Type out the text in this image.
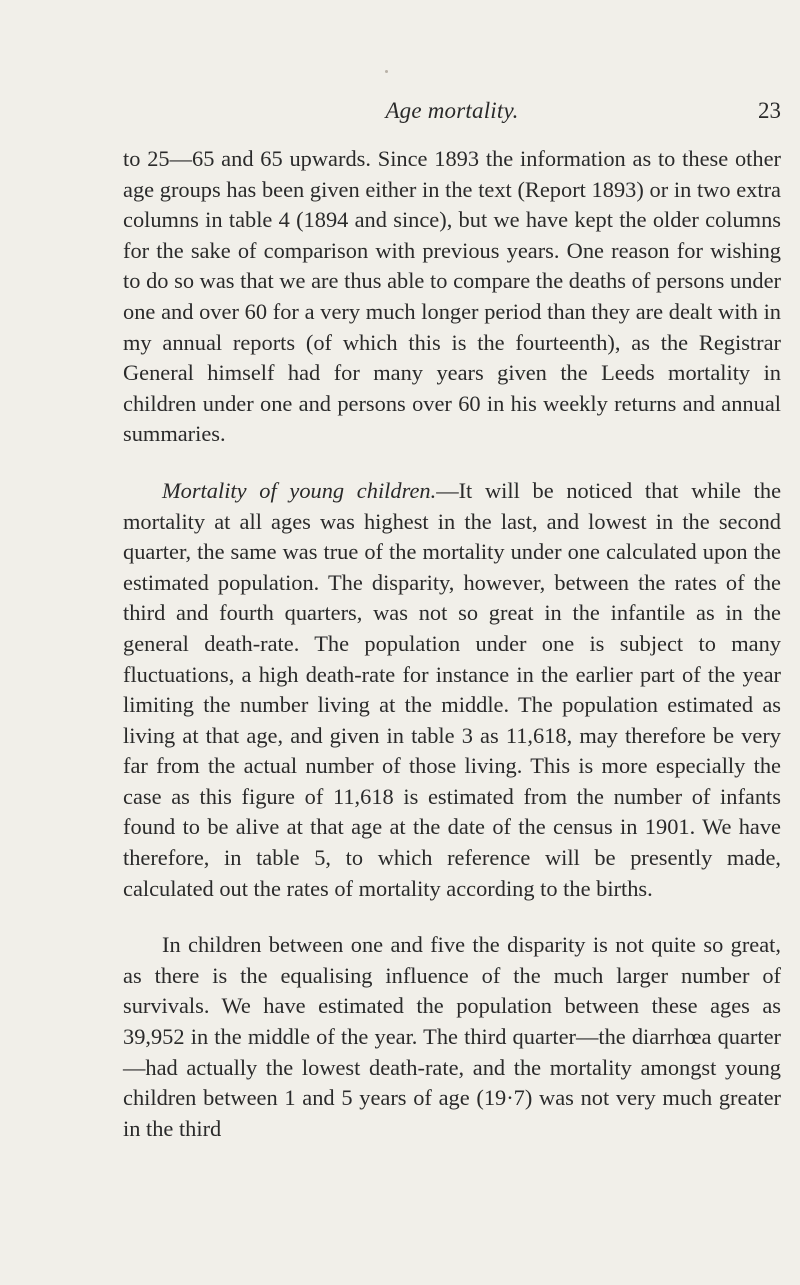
Age mortality.	23

to 25—65 and 65 upwards. Since 1893 the information as to these other age groups has been given either in the text (Report 1893) or in two extra columns in table 4 (1894 and since), but we have kept the older columns for the sake of comparison with previous years. One reason for wishing to do so was that we are thus able to compare the deaths of persons under one and over 60 for a very much longer period than they are dealt with in my annual reports (of which this is the fourteenth), as the Registrar General himself had for many years given the Leeds mortality in children under one and persons over 60 in his weekly returns and annual summaries.

Mortality of young children.—It will be noticed that while the mortality at all ages was highest in the last, and lowest in the second quarter, the same was true of the mortality under one calculated upon the estimated population. The disparity, however, between the rates of the third and fourth quarters, was not so great in the infantile as in the general death-rate. The population under one is subject to many fluctuations, a high death-rate for instance in the earlier part of the year limiting the number living at the middle. The population estimated as living at that age, and given in table 3 as 11,618, may therefore be very far from the actual number of those living. This is more especially the case as this figure of 11,618 is estimated from the number of infants found to be alive at that age at the date of the census in 1901. We have therefore, in table 5, to which reference will be presently made, calculated out the rates of mortality according to the births.

In children between one and five the disparity is not quite so great, as there is the equalising influence of the much larger number of survivals. We have estimated the population between these ages as 39,952 in the middle of the year. The third quarter—the diarrhœa quarter—had actually the lowest death-rate, and the mortality amongst young children between 1 and 5 years of age (19·7) was not very much greater in the third
